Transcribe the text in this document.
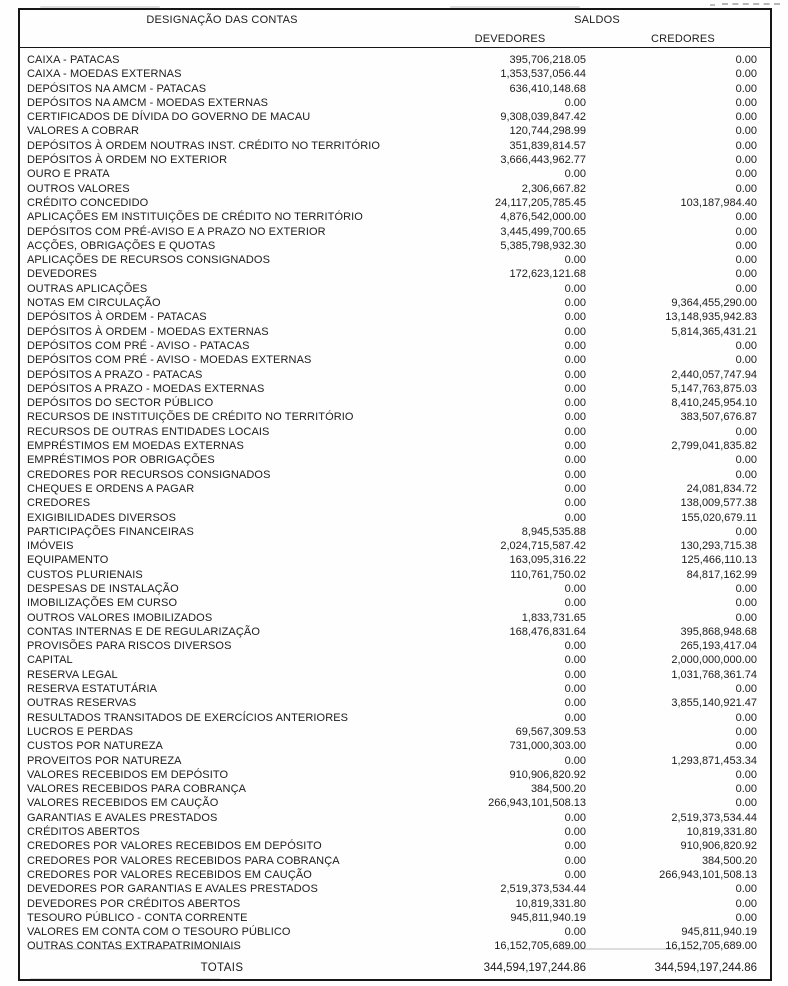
DESIGNAÇÃO DAS CONTAS	SALDOS	
	DEVEDORES	CREDORES
CAIXA - PATACAS	395,706,218.05	0.00
CAIXA - MOEDAS EXTERNAS	1,353,537,056.44	0.00
DEPÓSITOS NA AMCM - PATACAS	636,410,148.68	0.00
DEPÓSITOS NA AMCM - MOEDAS EXTERNAS	0.00	0.00
CERTIFICADOS DE DÍVIDA DO GOVERNO DE MACAU	9,308,039,847.42	0.00
VALORES A COBRAR	120,744,298.99	0.00
DEPÓSITOS À ORDEM NOUTRAS INST. CRÉDITO NO TERRITÓRIO	351,839,814.57	0.00
DEPÓSITOS À ORDEM NO EXTERIOR	3,666,443,962.77	0.00
OURO E PRATA	0.00	0.00
OUTROS VALORES	2,306,667.82	0.00
CRÉDITO CONCEDIDO	24,117,205,785.45	103,187,984.40
APLICAÇÕES EM INSTITUIÇÕES DE CRÉDITO NO TERRITÓRIO	4,876,542,000.00	0.00
DEPÓSITOS COM PRÉ-AVISO E A PRAZO NO EXTERIOR	3,445,499,700.65	0.00
ACÇÕES, OBRIGAÇÕES E QUOTAS	5,385,798,932.30	0.00
APLICAÇÕES DE RECURSOS CONSIGNADOS	0.00	0.00
DEVEDORES	172,623,121.68	0.00
OUTRAS APLICAÇÕES	0.00	0.00
NOTAS EM CIRCULAÇÃO	0.00	9,364,455,290.00
DEPÓSITOS À ORDEM - PATACAS	0.00	13,148,935,942.83
DEPÓSITOS À ORDEM - MOEDAS EXTERNAS	0.00	5,814,365,431.21
DEPÓSITOS COM PRÉ - AVISO - PATACAS	0.00	0.00
DEPÓSITOS COM PRÉ - AVISO - MOEDAS EXTERNAS	0.00	0.00
DEPÓSITOS A PRAZO - PATACAS	0.00	2,440,057,747.94
DEPÓSITOS A PRAZO - MOEDAS EXTERNAS	0.00	5,147,763,875.03
DEPÓSITOS DO SECTOR PÚBLICO	0.00	8,410,245,954.10
RECURSOS DE INSTITUIÇÕES DE CRÉDITO NO TERRITÓRIO	0.00	383,507,676.87
RECURSOS DE OUTRAS ENTIDADES LOCAIS	0.00	0.00
EMPRÉSTIMOS EM MOEDAS EXTERNAS	0.00	2,799,041,835.82
EMPRÉSTIMOS POR OBRIGAÇÕES	0.00	0.00
CREDORES POR RECURSOS CONSIGNADOS	0.00	0.00
CHEQUES E ORDENS A PAGAR	0.00	24,081,834.72
CREDORES	0.00	138,009,577.38
EXIGIBILIDADES DIVERSOS	0.00	155,020,679.11
PARTICIPAÇÕES FINANCEIRAS	8,945,535.88	0.00
IMÓVEIS	2,024,715,587.42	130,293,715.38
EQUIPAMENTO	163,095,316.22	125,466,110.13
CUSTOS PLURIENAIS	110,761,750.02	84,817,162.99
DESPESAS DE INSTALAÇÃO	0.00	0.00
IMOBILIZAÇÕES EM CURSO	0.00	0.00
OUTROS VALORES IMOBILIZADOS	1,833,731.65	0.00
CONTAS INTERNAS E DE REGULARIZAÇÃO	168,476,831.64	395,868,948.68
PROVISÕES PARA RISCOS DIVERSOS	0.00	265,193,417.04
CAPITAL	0.00	2,000,000,000.00
RESERVA LEGAL	0.00	1,031,768,361.74
RESERVA ESTATUTÁRIA	0.00	0.00
OUTRAS RESERVAS	0.00	3,855,140,921.47
RESULTADOS TRANSITADOS DE EXERCÍCIOS ANTERIORES	0.00	0.00
LUCROS E PERDAS	69,567,309.53	0.00
CUSTOS POR NATUREZA	731,000,303.00	0.00
PROVEITOS POR NATUREZA	0.00	1,293,871,453.34
VALORES RECEBIDOS EM DEPÓSITO	910,906,820.92	0.00
VALORES RECEBIDOS PARA COBRANÇA	384,500.20	0.00
VALORES RECEBIDOS EM CAUÇÃO	266,943,101,508.13	0.00
GARANTIAS E AVALES PRESTADOS	0.00	2,519,373,534.44
CRÉDITOS ABERTOS	0.00	10,819,331.80
CREDORES POR VALORES RECEBIDOS EM DEPÓSITO	0.00	910,906,820.92
CREDORES POR VALORES RECEBIDOS PARA COBRANÇA	0.00	384,500.20
CREDORES POR VALORES RECEBIDOS EM CAUÇÃO	0.00	266,943,101,508.13
DEVEDORES POR GARANTIAS E AVALES PRESTADOS	2,519,373,534.44	0.00
DEVEDORES POR CRÉDITOS ABERTOS	10,819,331.80	0.00
TESOURO PÚBLICO - CONTA CORRENTE	945,811,940.19	0.00
VALORES EM CONTA COM O TESOURO PÚBLICO	0.00	945,811,940.19
OUTRAS CONTAS EXTRAPATRIMONIAIS	16,152,705,689.00	16,152,705,689.00
TOTAIS	344,594,197,244.86	344,594,197,244.86
